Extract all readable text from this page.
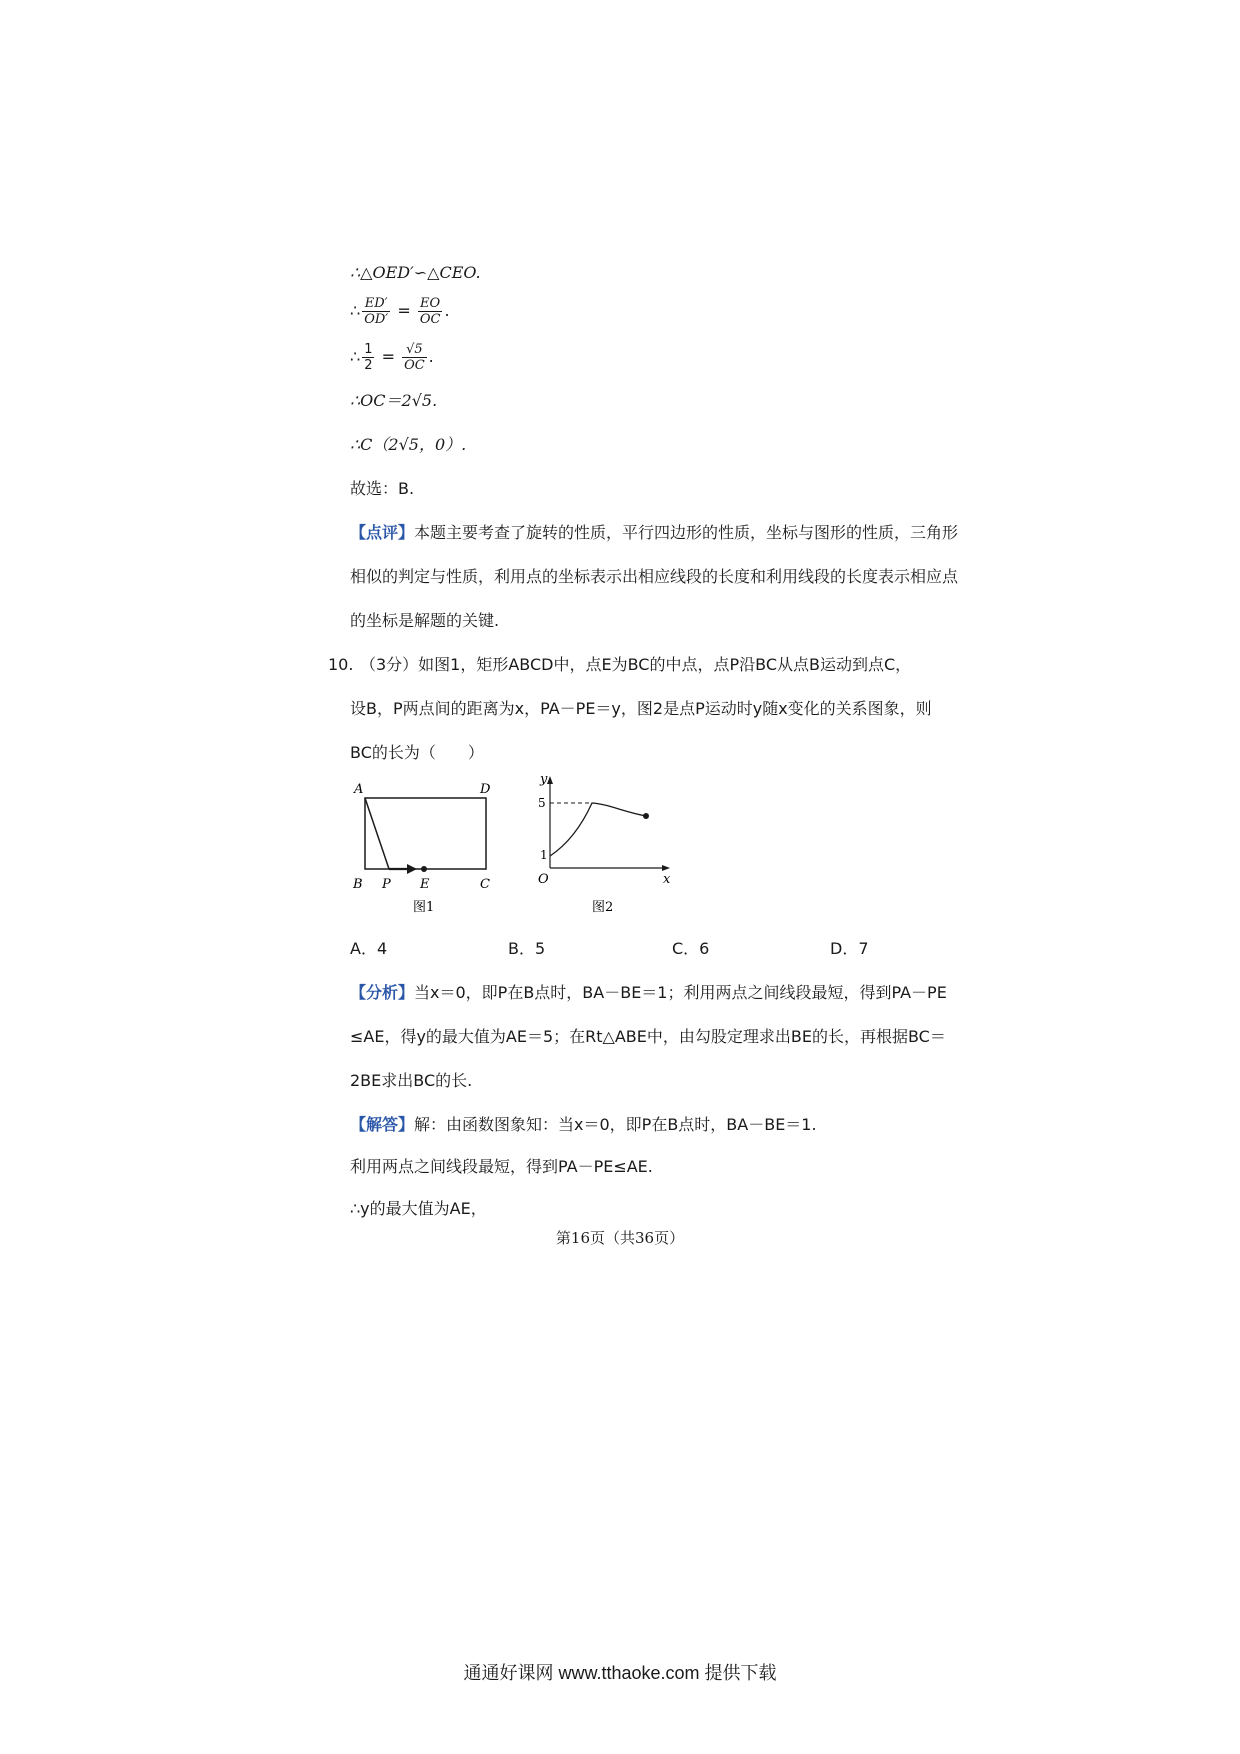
∴△OED′∽△CEO.
∴ $\frac{ED'}{OD'} = \frac{EO}{OC}$ .
∴ $\frac{1}{2} = \frac{√5}{OC}$ .
∴OC＝2√5.
∴C（2√5，0）.
故选：B.
【点评】本题主要考查了旋转的性质，平行四边形的性质，坐标与图形的性质，三角形
相似的判定与性质，利用点的坐标表示出相应线段的长度和利用线段的长度表示相应点
的坐标是解题的关键.
10. （3分）如图1，矩形ABCD中，点E为BC的中点，点P沿BC从点B运动到点C，
设B，P两点间的距离为x，PA－PE＝y，图2是点P运动时y随x变化的关系图象，则
BC的长为（　　）
A	D
B P E	C
图1
y
5
1
O	x
图2
A．4	B．5	C．6	D．7
【分析】当x＝0，即P在B点时，BA－BE＝1；利用两点之间线段最短，得到PA－PE
≤AE，得y的最大值为AE＝5；在Rt△ABE中，由勾股定理求出BE的长，再根据BC＝
2BE求出BC的长.
【解答】解：由函数图象知：当x＝0，即P在B点时，BA－BE＝1.
利用两点之间线段最短，得到PA－PE≤AE.
∴y的最大值为AE，
第16页（共36页）
通通好课网 www.tthaoke.com 提供下载
